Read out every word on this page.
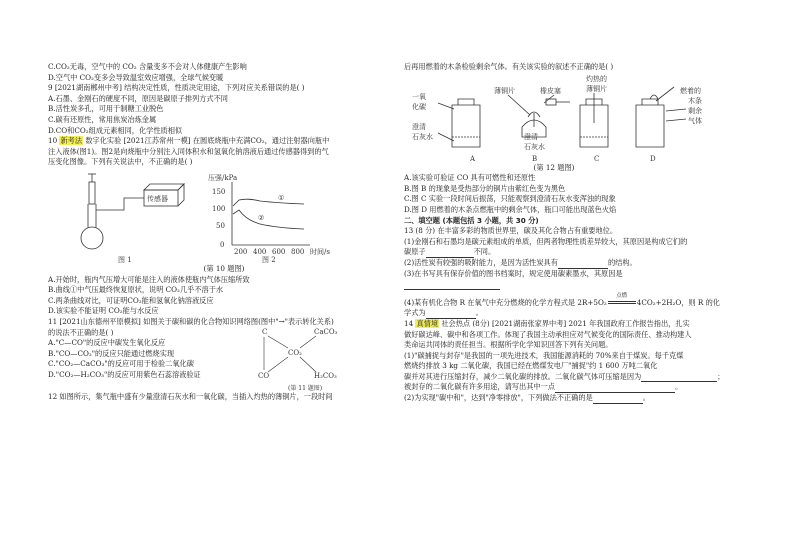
C.CO₂无毒，空气中的 CO₂ 含量变多不会对人体健康产生影响
D.空气中 CO₂变多会导致温室效应增强，全球气候变暖
9 [2021湖南郴州中考] 结构决定性质，性质决定用途，下列对应关系错误的是( )
A.石墨、金刚石的硬度不同，原因是碳原子排列方式不同
B.活性炭多孔，可用于制糖工业脱色
C.碳有还原性，常用焦炭冶炼金属
D.CO和CO₂组成元素相同，化学性质相似
10 新考法 数字化实验 [2021江苏常州一模] 在圆底烧瓶中充满CO₂，通过注射器向瓶中
注入液体(图1)。图2是向烧瓶中分别注入同体积水和氢氧化钠溶液后通过传感器得到的气
压变化图像。下列有关说法中，不正确的是( )
传感器
压强/kPa
150
100
50
0
200 400 600 800 时间/s
①
②
图 1	图 2
(第 10 题图)
A.开始时，瓶内气压增大可能是注入的液体使瓶内气体压缩所致
B.曲线①中气压最终恢复原状，说明 CO₂几乎不溶于水
C.两条曲线对比，可证明CO₂能和氢氧化钠溶液反应
D.该实验不能证明 CO₂能与水反应
11 [2021山东德州平原模拟] 如图关于碳和碳的化合物知识网络图(图中"→"表示转化关系)
的说法不正确的是( )
A."C—CO"的反应中碳发生氧化反应
B."CO—CO₂"的反应只能通过燃烧实现
C."CO₂—CaCO₃"的反应可用于检验二氧化碳
D."CO₂—H₂CO₃"的反应可用紫色石蕊溶液验证
C	CaCO₃
CO₂
CO	H₂CO₃
(第 11 题图)
12 如图所示，集气瓶中盛有少量澄清石灰水和一氧化碳，当插入灼热的薄铜片，一段时间
后再用燃着的木条检验剩余气体。有关该实验的叙述不正确的是( )
一氧
化碳
澄清
石灰水
薄铜片	橡皮塞
澄清
石灰水
灼热的
薄铜片	燃着的
木条
剩余
气体
A	B	C	D
(第 12 题图)
A.该实验可验证 CO 具有可燃性和还原性
B.图 B 的现象是受热部分的铜片由紫红色变为黑色
C.图 C 实验一段时间后振荡，只能观察到澄清石灰水变浑浊的现象
D.图 D 用燃着的木条点燃瓶中的剩余气体，瓶口可能出现蓝色火焰
二、填空题 (本题包括 3 小题，共 30 分)
13 (8 分) 在丰富多彩的物质世界里，碳及其化合物占有重要地位。
(1)金刚石和石墨均是碳元素组成的单质，但两者物理性质差异较大，其原因是构成它们的
碳原子	不同。
(2)活性炭有较强的吸附能力，是因为活性炭具有	的结构。
(3)在书写具有保存价值的图书档案时，规定使用碳素墨水，其原因是
(4)某有机化合物 R 在氧气中充分燃烧的化学方程式是 2R+5O₂
点燃
4CO₂+2H₂O，则 R 的化
学式为	。
14 真情境 社会热点 (8分) [2021湖南张家界中考] 2021 年我国政府工作报告指出，扎实
做好碳达峰、碳中和各项工作。体现了我国主动承担应对气候变化的国际责任、推动构建人
类命运共同体的责任担当。根据所学化学知识回答下列有关问题。
(1)"碳捕捉与封存"是我国的一项先进技术，我国能源消耗的 70%来自于煤炭。每千克煤
燃烧约排放 3 kg 二氧化碳，我国已经在燃煤发电厂"捕捉"约 1 600 万吨二氧化
碳并对其进行压缩封存，减少二氧化碳的排放。二氧化碳气体可压缩是因为	；
被封存的二氧化碳有许多用途，请写出其中一点	。
(2)为实现"碳中和"，达到"净零排放"，下列做法不正确的是	。
